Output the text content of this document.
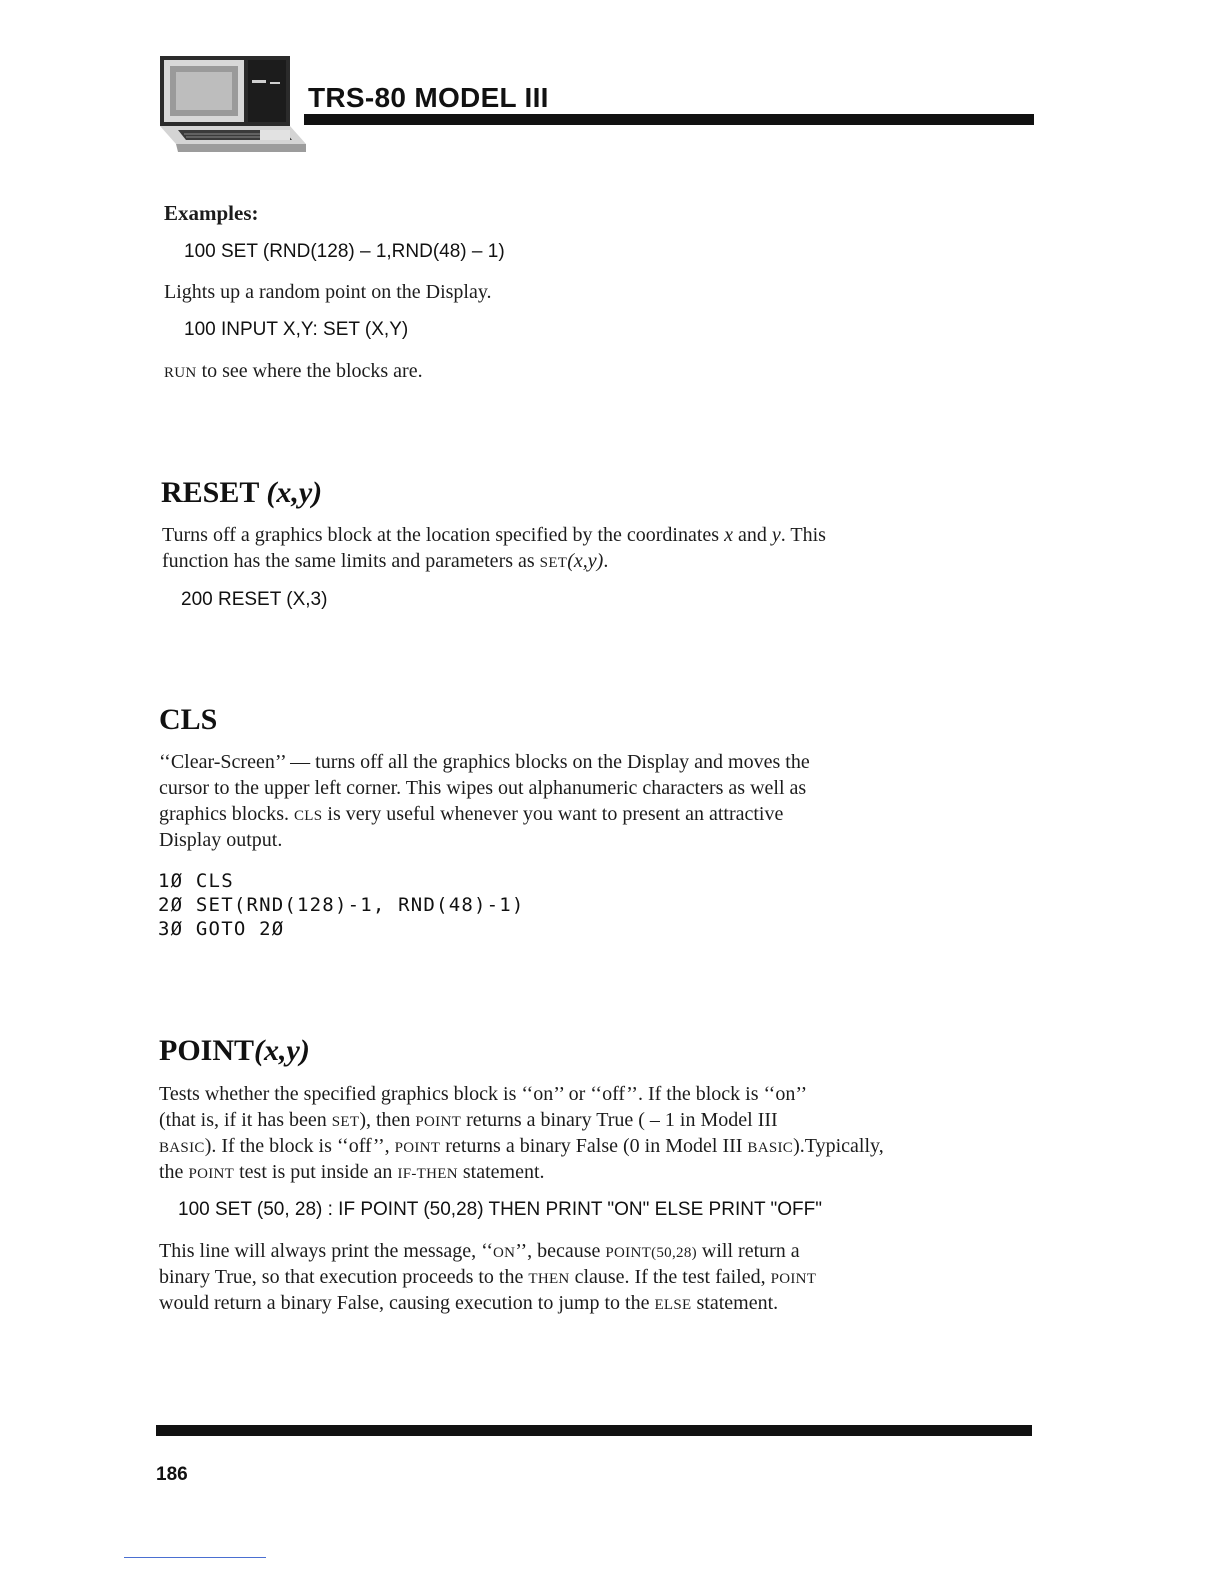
TRS-80 MODEL III
Examples:
100 SET (RND(128) – 1,RND(48) – 1)
Lights up a random point on the Display.
100 INPUT X,Y: SET (X,Y)
RUN to see where the blocks are.
RESET (x,y)
Turns off a graphics block at the location specified by the coordinates x and y. This
function has the same limits and parameters as SET(x,y).
200 RESET (X,3)
CLS
‘‘Clear-Screen’’ — turns off all the graphics blocks on the Display and moves the
cursor to the upper left corner. This wipes out alphanumeric characters as well as
graphics blocks. CLS is very useful whenever you want to present an attractive
Display output.
1Ø CLS
2Ø SET(RND(128)-1, RND(48)-1)
3Ø GOTO 2Ø
POINT(x,y)
Tests whether the specified graphics block is ‘‘on’’ or ‘‘off’’. If the block is ‘‘on’’
(that is, if it has been SET), then POINT returns a binary True ( – 1 in Model III
BASIC). If the block is ‘‘off’’, POINT returns a binary False (0 in Model III BASIC).Typically,
the POINT test is put inside an IF-THEN statement.
100 SET (50, 28) : IF POINT (50,28) THEN PRINT "ON" ELSE PRINT "OFF"
This line will always print the message, ‘‘ON’’, because POINT(50,28) will return a
binary True, so that execution proceeds to the THEN clause. If the test failed, POINT
would return a binary False, causing execution to jump to the ELSE statement.
186
